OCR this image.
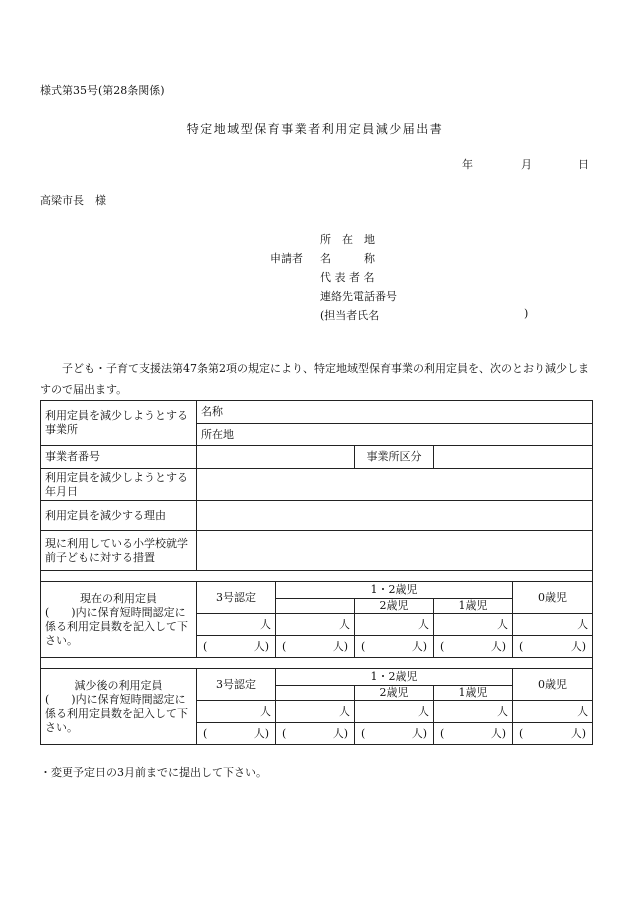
様式第35号(第28条関係)
特定地域型保育事業者利用定員減少届出書
年	月	日
高梁市長　様
申請者
所　在　地
名　　　称
代 表 者 名
連絡先電話番号
(担当者氏名	)
子ども・子育て支援法第47条第2項の規定により、特定地域型保育事業の利用定員を、次のとおり減少しますので届出ます。
利用定員を減少しようとする事業所	名称				
	所在地				
事業者番号			事業所区分		
利用定員を減少しようとする年月日					
利用定員を減少する理由					
現に利用している小学校就学前子どもに対する措置					

現在の利用定員
(　　)内に保育短時間認定に係る利用定員数を記入して下さい。	3号認定	1・2歳児			0歳児

			2歳児	1歳児	
	人	人	人	人	人

	( 人)	( 人)	( 人)	( 人)	( 人)

減少後の利用定員
(　　)内に保育短時間認定に係る利用定員数を記入して下さい。	3号認定	1・2歳児			0歳児

			2歳児	1歳児	
	人	人	人	人	人

	( 人)	( 人)	( 人)	( 人)	( 人)
・変更予定日の3月前までに提出して下さい。
